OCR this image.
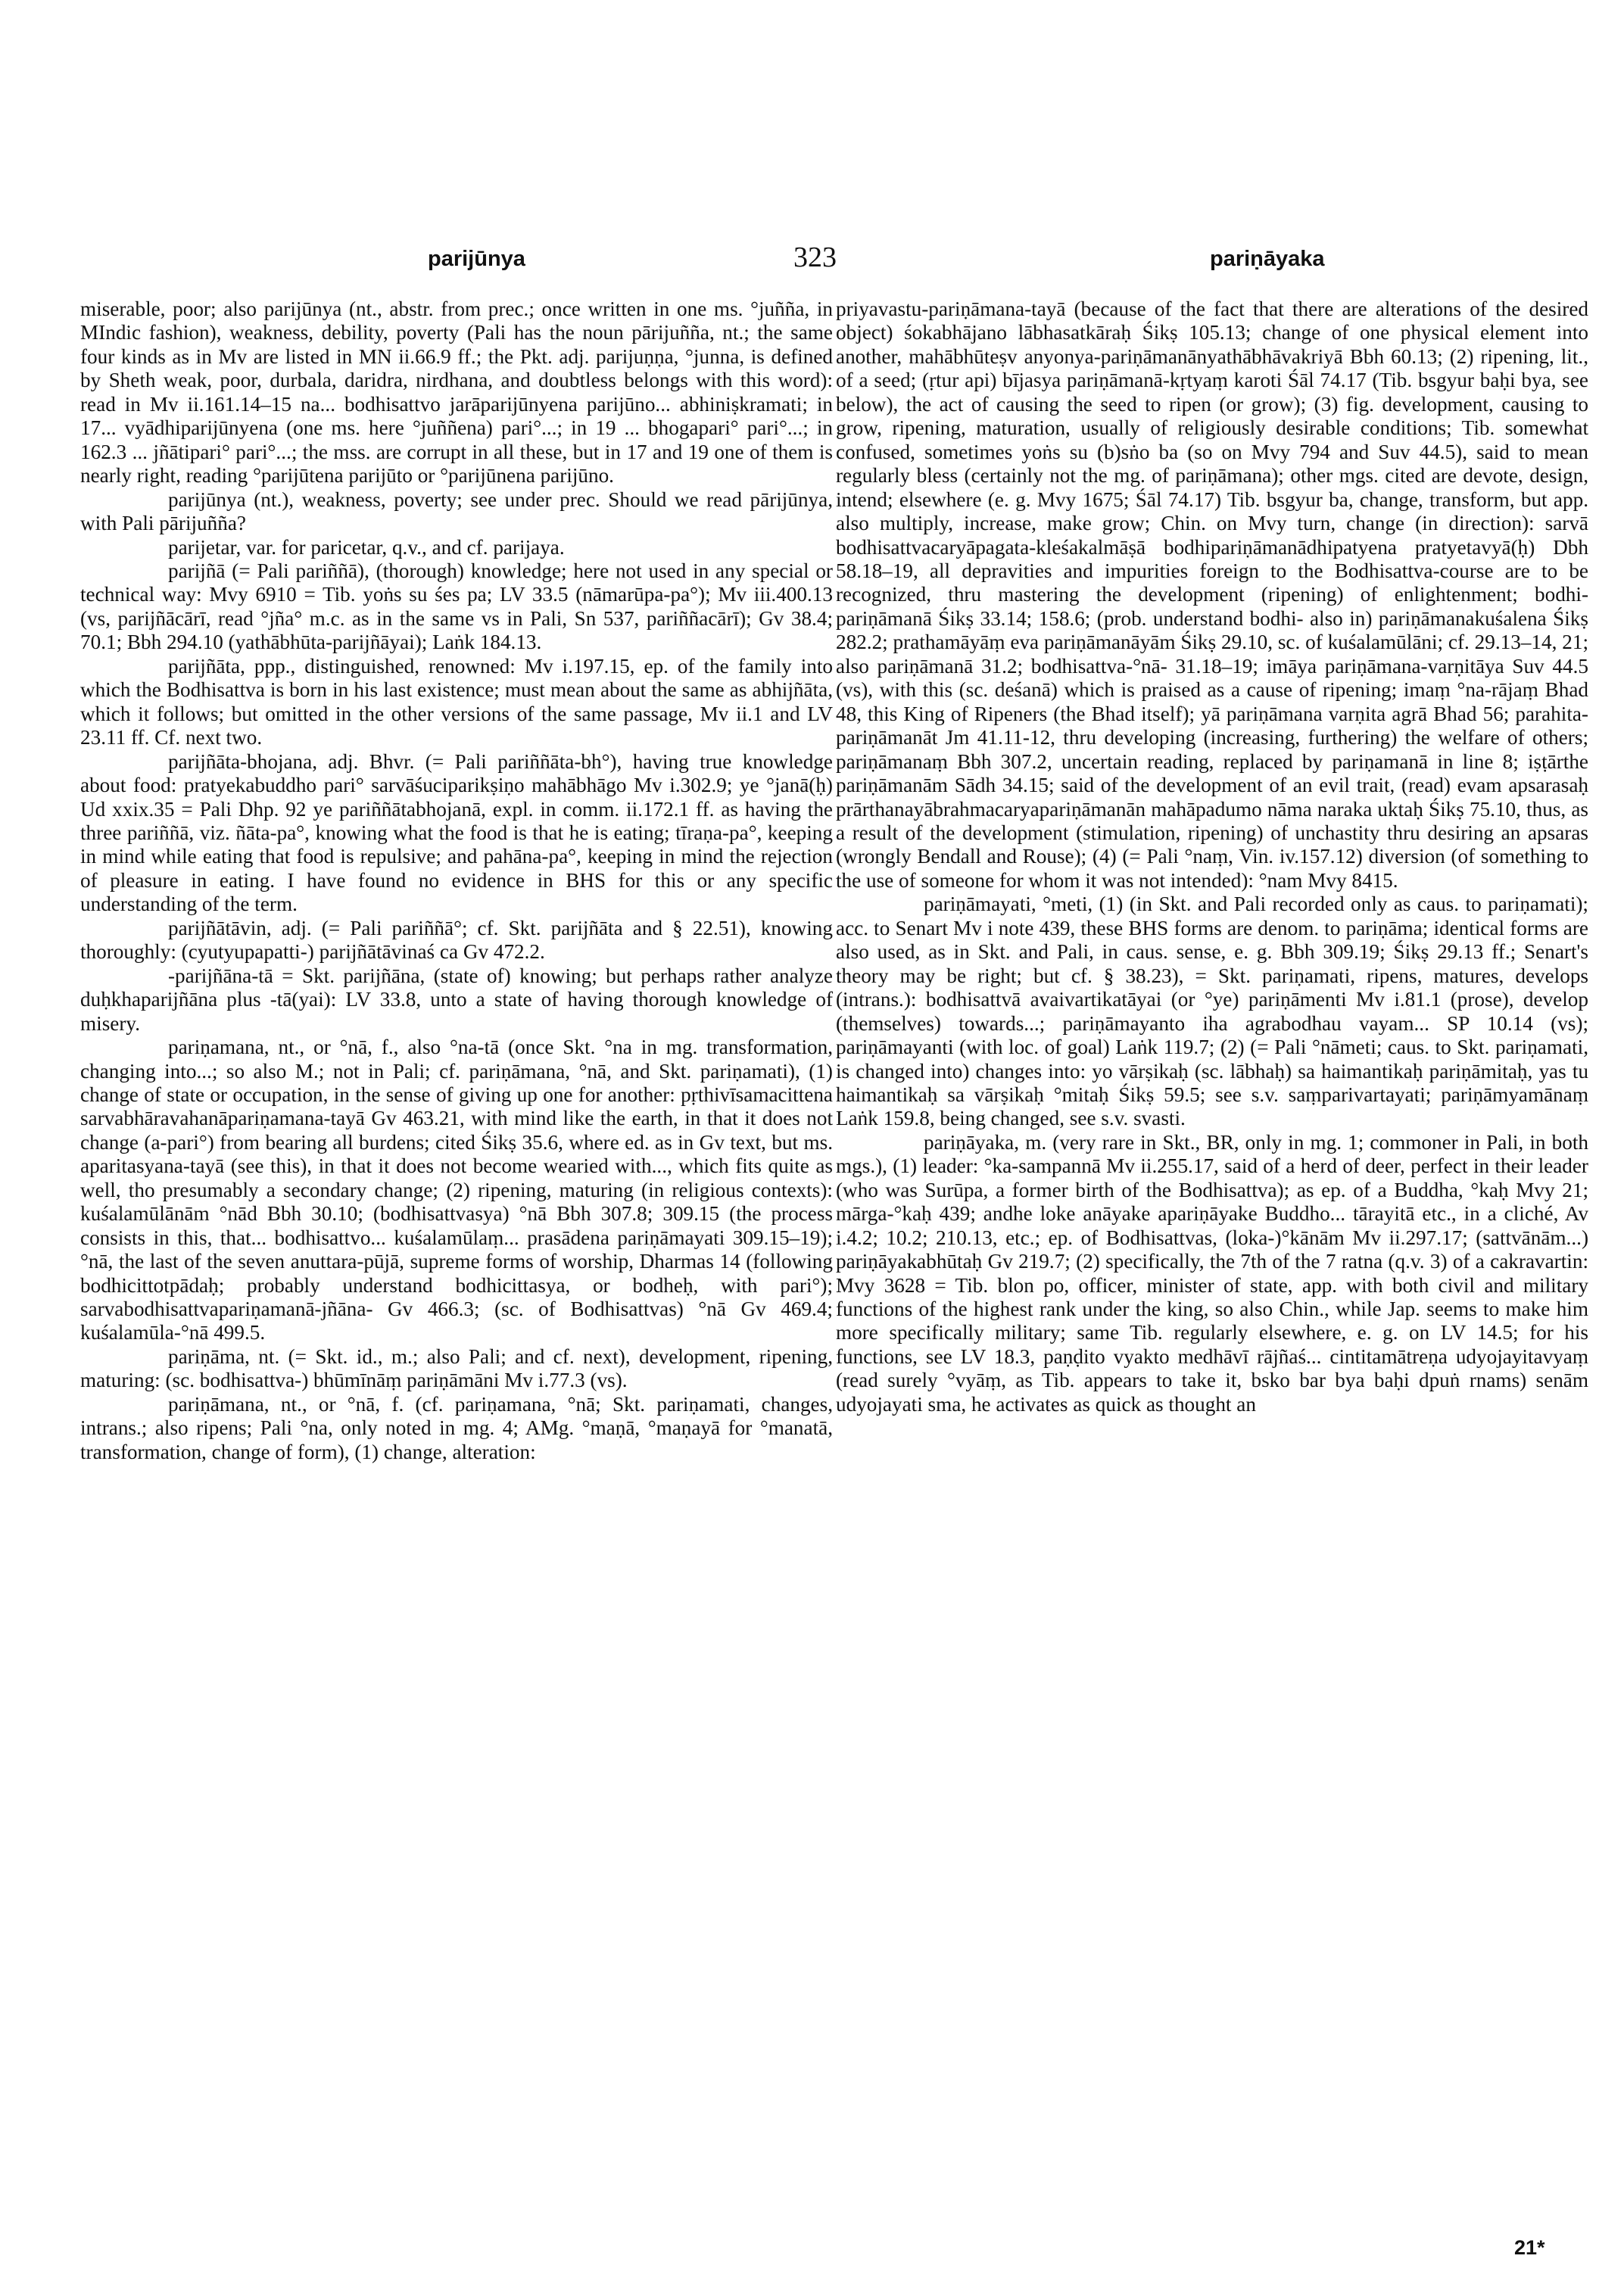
parijūnya	323	pariṇāyaka

miserable, poor; also parijūnya (nt., abstr. from prec.; once written in one ms. °juñña, in MIndic fashion), weakness, debility, poverty (Pali has the noun pārijuñña, nt.; the same four kinds as in Mv are listed in MN ii.66.9 ff.; the Pkt. adj. parijuṇṇa, °junna, is defined by Sheth weak, poor, durbala, daridra, nirdhana, and doubtless belongs with this word): read in Mv ii.161.14–15 na... bodhisattvo jarāparijūnyena parijūno... abhiniṣkramati; in 17... vyādhiparijūnyena (one ms. here °juññena) pari°...; in 19 ... bhogapari° pari°...; in 162.3 ... jñātipari° pari°...; the mss. are corrupt in all these, but in 17 and 19 one of them is nearly right, reading °parijūtena parijūto or °parijūnena parijūno.

parijūnya (nt.), weakness, poverty; see under prec. Should we read pārijūnya, with Pali pārijuñña?

parijetar, var. for paricetar, q.v., and cf. parijaya.

parijñā (= Pali pariññā), (thorough) knowledge; here not used in any special or technical way: Mvy 6910 = Tib. yoṅs su śes pa; LV 33.5 (nāmarūpa-pa°); Mv iii.400.13 (vs, parijñācārī, read °jña° m.c. as in the same vs in Pali, Sn 537, pariññacārī); Gv 38.4; 70.1; Bbh 294.10 (yathābhūta-parijñāyai); Laṅk 184.13.

parijñāta, ppp., distinguished, renowned: Mv i.197.15, ep. of the family into which the Bodhisattva is born in his last existence; must mean about the same as abhijñāta, which it follows; but omitted in the other versions of the same passage, Mv ii.1 and LV 23.11 ff. Cf. next two.

parijñāta-bhojana, adj. Bhvr. (= Pali pariññāta-bh°), having true knowledge about food: pratyekabuddho pari° sarvāśuciparikṣiṇo mahābhāgo Mv i.302.9; ye °janā(ḥ) Ud xxix.35 = Pali Dhp. 92 ye pariññātabhojanā, expl. in comm. ii.172.1 ff. as having the three pariññā, viz. ñāta-pa°, knowing what the food is that he is eating; tīraṇa-pa°, keeping in mind while eating that food is repulsive; and pahāna-pa°, keeping in mind the rejection of pleasure in eating. I have found no evidence in BHS for this or any specific understanding of the term.

parijñātāvin, adj. (= Pali pariññā°; cf. Skt. parijñāta and § 22.51), knowing thoroughly: (cyutyupapatti-) parijñātāvinaś ca Gv 472.2.

-parijñāna-tā = Skt. parijñāna, (state of) knowing; but perhaps rather analyze duḥkhaparijñāna plus -tā(yai): LV 33.8, unto a state of having thorough knowledge of misery.

pariṇamana, nt., or °nā, f., also °na-tā (once Skt. °na in mg. transformation, changing into...; so also M.; not in Pali; cf. pariṇāmana, °nā, and Skt. pariṇamati), (1) change of state or occupation, in the sense of giving up one for another: pṛthivīsamacittena sarvabhāravahanāpariṇamana-tayā Gv 463.21, with mind like the earth, in that it does not change (a-pari°) from bearing all burdens; cited Śikṣ 35.6, where ed. as in Gv text, but ms. aparitasyana-tayā (see this), in that it does not become wearied with..., which fits quite as well, tho presumably a secondary change; (2) ripening, maturing (in religious contexts): kuśalamūlānām °nād Bbh 30.10; (bodhisattvasya) °nā Bbh 307.8; 309.15 (the process consists in this, that... bodhisattvo... kuśalamūlaṃ... prasādena pariṇāmayati 309.15–19); °nā, the last of the seven anuttara-pūjā, supreme forms of worship, Dharmas 14 (following bodhicittotpādaḥ; probably understand bodhicittasya, or bodheḥ, with pari°); sarvabodhisattvapariṇamanā-jñāna- Gv 466.3; (sc. of Bodhisattvas) °nā Gv 469.4; kuśalamūla-°nā 499.5.

pariṇāma, nt. (= Skt. id., m.; also Pali; and cf. next), development, ripening, maturing: (sc. bodhisattva-) bhūmīnāṃ pariṇāmāni Mv i.77.3 (vs).

pariṇāmana, nt., or °nā, f. (cf. pariṇamana, °nā; Skt. pariṇamati, changes, intrans.; also ripens; Pali °na, only noted in mg. 4; AMg. °maṇā, °maṇayā for °manatā, transformation, change of form), (1) change, alteration:

priyavastu-pariṇāmana-tayā (because of the fact that there are alterations of the desired object) śokabhājano lābhasatkāraḥ Śikṣ 105.13; change of one physical element into another, mahābhūteṣv anyonya-pariṇāmanānyathābhāvakriyā Bbh 60.13; (2) ripening, lit., of a seed; (ṛtur api) bījasya pariṇāmanā-kṛtyaṃ karoti Śāl 74.17 (Tib. bsgyur baḥi bya, see below), the act of causing the seed to ripen (or grow); (3) fig. development, causing to grow, ripening, maturation, usually of religiously desirable conditions; Tib. somewhat confused, sometimes yoṅs su (b)sṅo ba (so on Mvy 794 and Suv 44.5), said to mean regularly bless (certainly not the mg. of pariṇāmana); other mgs. cited are devote, design, intend; elsewhere (e. g. Mvy 1675; Śāl 74.17) Tib. bsgyur ba, change, transform, but app. also multiply, increase, make grow; Chin. on Mvy turn, change (in direction): sarvā bodhisattvacaryāpagata-kleśakalmāṣā bodhipariṇāmanādhipatyena pratyetavyā(ḥ) Dbh 58.18–19, all depravities and impurities foreign to the Bodhisattva-course are to be recognized, thru mastering the development (ripening) of enlightenment; bodhi-pariṇāmanā Śikṣ 33.14; 158.6; (prob. understand bodhi- also in) pariṇāmanakuśalena Śikṣ 282.2; prathamāyāṃ eva pariṇāmanāyām Śikṣ 29.10, sc. of kuśalamūlāni; cf. 29.13–14, 21; also pariṇāmanā 31.2; bodhisattva-°nā- 31.18–19; imāya pariṇāmana-varṇitāya Suv 44.5 (vs), with this (sc. deśanā) which is praised as a cause of ripening; imaṃ °na-rājaṃ Bhad 48, this King of Ripeners (the Bhad itself); yā pariṇāmana varṇita agrā Bhad 56; parahita-pariṇāmanāt Jm 41.11-12, thru developing (increasing, furthering) the welfare of others; pariṇāmanaṃ Bbh 307.2, uncertain reading, replaced by pariṇamanā in line 8; iṣṭārthe pariṇāmanām Sādh 34.15; said of the development of an evil trait, (read) evam apsarasaḥ prārthanayābrahmacaryapariṇāmanān mahāpadumo nāma naraka uktaḥ Śikṣ 75.10, thus, as a result of the development (stimulation, ripening) of unchastity thru desiring an apsaras (wrongly Bendall and Rouse); (4) (= Pali °naṃ, Vin. iv.157.12) diversion (of something to the use of someone for whom it was not intended): °nam Mvy 8415.

pariṇāmayati, °meti, (1) (in Skt. and Pali recorded only as caus. to pariṇamati); acc. to Senart Mv i note 439, these BHS forms are denom. to pariṇāma; identical forms are also used, as in Skt. and Pali, in caus. sense, e. g. Bbh 309.19; Śikṣ 29.13 ff.; Senart's theory may be right; but cf. § 38.23), = Skt. pariṇamati, ripens, matures, develops (intrans.): bodhisattvā avaivartikatāyai (or °ye) pariṇāmenti Mv i.81.1 (prose), develop (themselves) towards...; pariṇāmayanto iha agrabodhau vayam... SP 10.14 (vs); pariṇāmayanti (with loc. of goal) Laṅk 119.7; (2) (= Pali °nāmeti; caus. to Skt. pariṇamati, is changed into) changes into: yo vārṣikaḥ (sc. lābhaḥ) sa haimantikaḥ pariṇāmitaḥ, yas tu haimantikaḥ sa vārṣikaḥ °mitaḥ Śikṣ 59.5; see s.v. saṃparivartayati; pariṇāmyamānaṃ Laṅk 159.8, being changed, see s.v. svasti.

pariṇāyaka, m. (very rare in Skt., BR, only in mg. 1; commoner in Pali, in both mgs.), (1) leader: °ka-sampannā Mv ii.255.17, said of a herd of deer, perfect in their leader (who was Surūpa, a former birth of the Bodhisattva); as ep. of a Buddha, °kaḥ Mvy 21; mārga-°kaḥ 439; andhe loke anāyake apariṇāyake Buddho... tārayitā etc., in a cliché, Av i.4.2; 10.2; 210.13, etc.; ep. of Bodhisattvas, (loka-)°kānām Mv ii.297.17; (sattvānām...) pariṇāyakabhūtaḥ Gv 219.7; (2) specifically, the 7th of the 7 ratna (q.v. 3) of a cakravartin: Mvy 3628 = Tib. blon po, officer, minister of state, app. with both civil and military functions of the highest rank under the king, so also Chin., while Jap. seems to make him more specifically military; same Tib. regularly elsewhere, e. g. on LV 14.5; for his functions, see LV 18.3, paṇḍito vyakto medhāvī rājñaś... cintitamātreṇa udyojayitavyaṃ (read surely °vyāṃ, as Tib. appears to take it, bsko bar bya baḥi dpuṅ rnams) senām udyojayati sma, he activates as quick as thought an

21*
